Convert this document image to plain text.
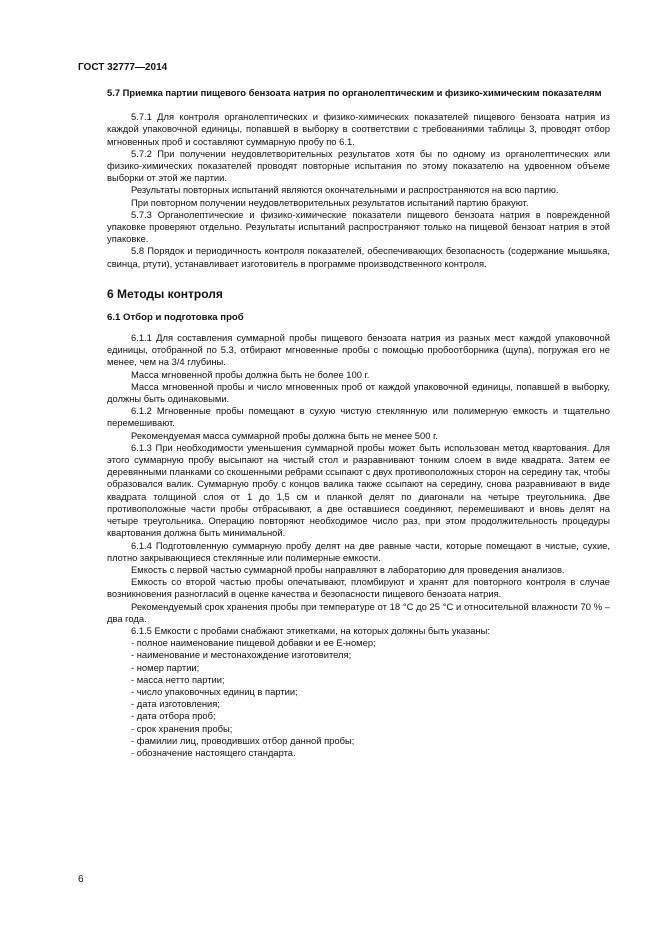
ГОСТ 32777—2014

5.7 Приемка партии пищевого бензоата натрия по органолептическим и физико-химическим показателям

5.7.1 Для контроля органолептических и физико-химических показателей пищевого бензоата натрия из каждой упаковочной единицы, попавшей в выборку в соответствии с требованиями таблицы 3, проводят отбор мгновенных проб и составляют суммарную пробу по 6.1.

5.7.2 При получении неудовлетворительных результатов хотя бы по одному из органолептических или физико-химических показателей проводят повторные испытания по этому показателю на удвоенном объеме выборки от этой же партии.

Результаты повторных испытаний являются окончательными и распространяются на всю партию.

При повторном получении неудовлетворительных результатов испытаний партию бракуют.

5.7.3 Органолептические и физико-химические показатели пищевого бензоата натрия в поврежденной упаковке проверяют отдельно. Результаты испытаний распространяют только на пищевой бензоат натрия в этой упаковке.

5.8 Порядок и периодичность контроля показателей, обеспечивающих безопасность (содержание мышьяка, свинца, ртути), устанавливает изготовитель в программе производственного контроля.

6 Методы контроля
6.1 Отбор и подготовка проб

6.1.1 Для составления суммарной пробы пищевого бензоата натрия из разных мест каждой упаковочной единицы, отобранной по 5.3, отбирают мгновенные пробы с помощью пробоотборника (щупа), погружая его не менее, чем на 3/4 глубины.

Масса мгновенной пробы должна быть не более 100 г.

Масса мгновенной пробы и число мгновенных проб от каждой упаковочной единицы, попавшей в выборку, должны быть одинаковыми.

6.1.2 Мгновенные пробы помещают в сухую чистую стеклянную или полимерную емкость и тщательно перемешивают.

Рекомендуемая масса суммарной пробы должна быть не менее 500 г.

6.1.3 При необходимости уменьшения суммарной пробы может быть использован метод квартования. Для этого суммарную пробу высыпают на чистый стол и разравнивают тонким слоем в виде квадрата. Затем ее деревянными планками со скошенными ребрами ссыпают с двух противоположных сторон на середину так, чтобы образовался валик. Суммарную пробу с концов валика также ссыпают на середину, снова разравнивают в виде квадрата толщиной слоя от 1 до 1,5 см и планкой делят по диагонали на четыре треугольника. Две противоположные части пробы отбрасывают, а две оставшиеся соединяют, перемешивают и вновь делят на четыре треугольника. Операцию повторяют необходимое число раз, при этом продолжительность процедуры квартования должна быть минимальной.

6.1.4 Подготовленную суммарную пробу делят на две равные части, которые помещают в чистые, сухие, плотно закрывающиеся стеклянные или полимерные емкости.

Емкость с первой частью суммарной пробы направляют в лабораторию для проведения анализов.

Емкость со второй частью пробы опечатывают, пломбируют и хранят для повторного контроля в случае возникновения разногласий в оценке качества и безопасности пищевого бензоата натрия.

Рекомендуемый срок хранения пробы при температуре от 18 °С до 25 °С и относительной влажности 70 % – два года.

6.1.5 Емкости с пробами снабжают этикетками, на которых должны быть указаны:

- полное наименование пищевой добавки и ее Е-номер;
- наименование и местонахождение изготовителя;
- номер партии;
- масса нетто партии;
- число упаковочных единиц в партии;
- дата изготовления;
- дата отбора проб;
- срок хранения пробы;
- фамилии лиц, проводивших отбор данной пробы;
- обозначение настоящего стандарта.
6
